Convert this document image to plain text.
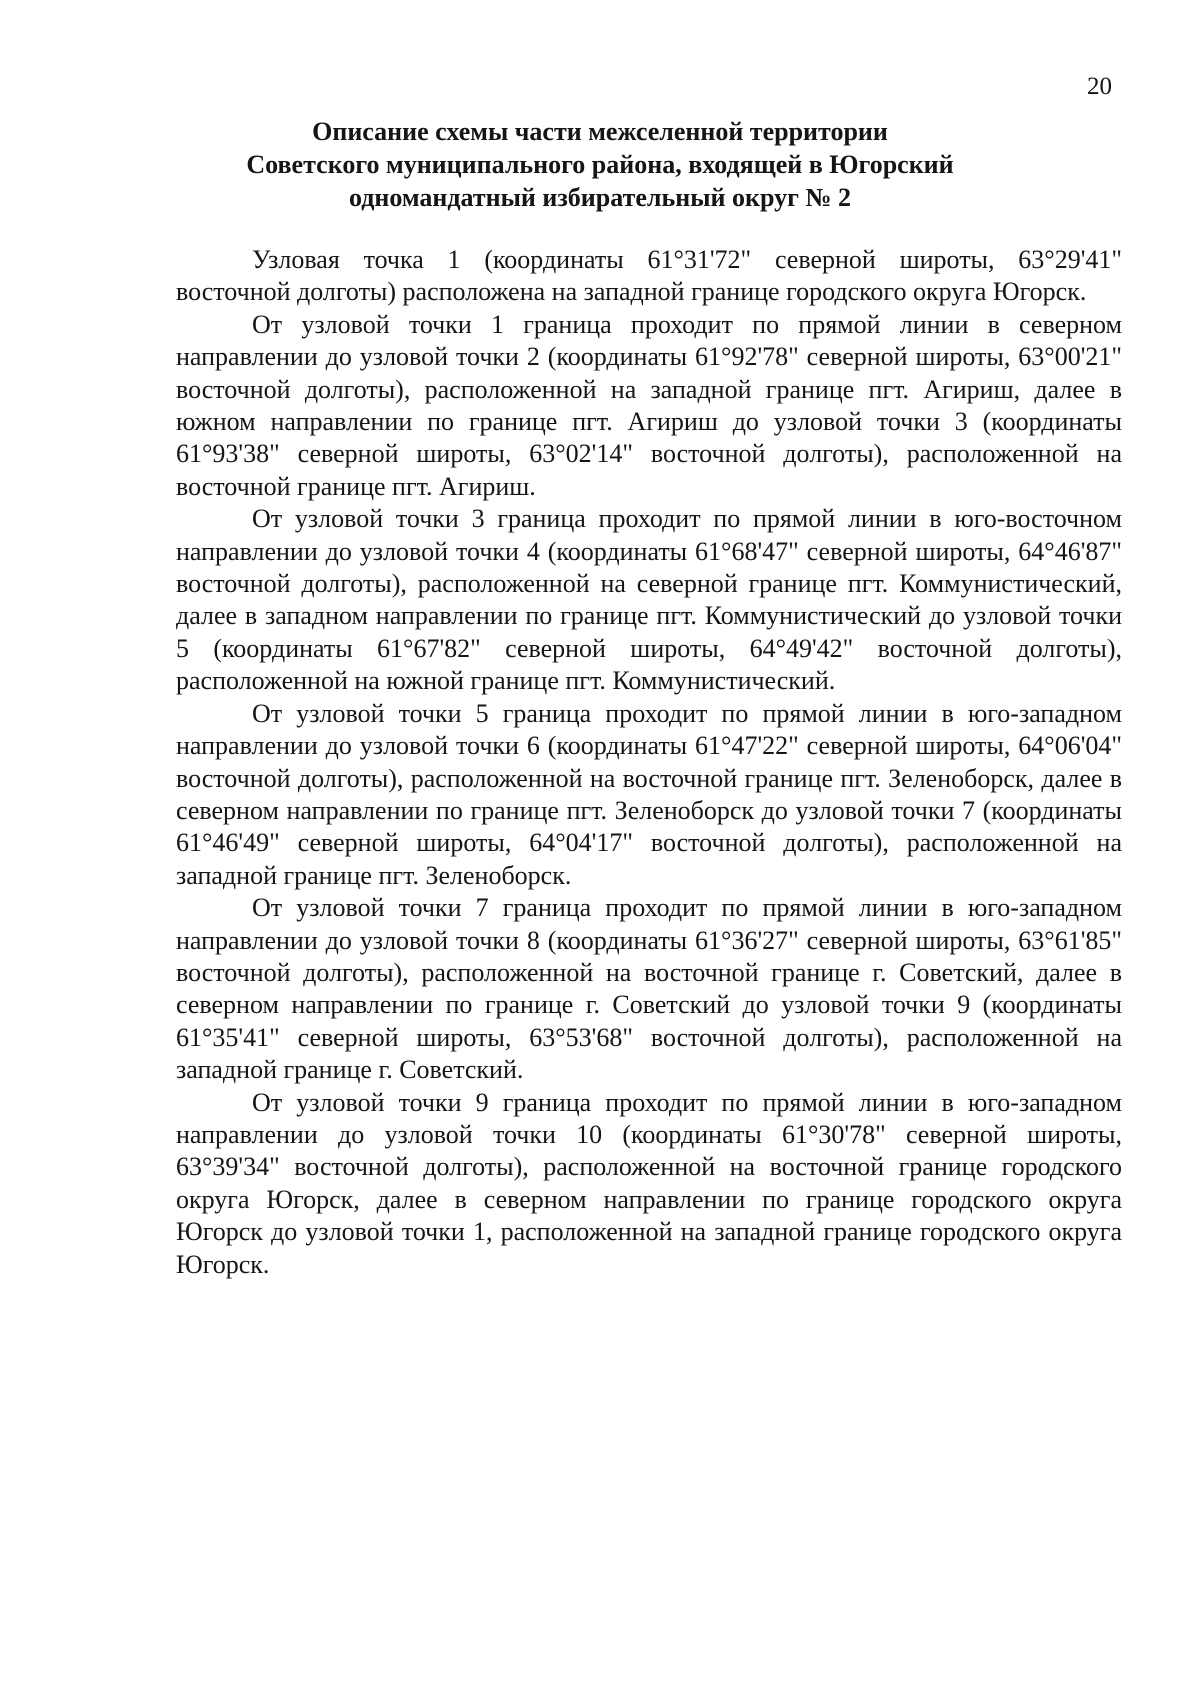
20
Описание схемы части межселенной территории
Советского муниципального района, входящей в Югорский
одномандатный избирательный округ № 2

Узловая точка 1 (координаты 61°31'72" северной широты, 63°29'41" восточной долготы) расположена на западной границе городского округа Югорск.

От узловой точки 1 граница проходит по прямой линии в северном направлении до узловой точки 2 (координаты 61°92'78" северной широты, 63°00'21" восточной долготы), расположенной на западной границе пгт. Агириш, далее в южном направлении по границе пгт. Агириш до узловой точки 3 (координаты 61°93'38" северной широты, 63°02'14" восточной долготы), расположенной на восточной границе пгт. Агириш.

От узловой точки 3 граница проходит по прямой линии в юго-восточном направлении до узловой точки 4 (координаты 61°68'47" северной широты, 64°46'87" восточной долготы), расположенной на северной границе пгт. Коммунистический, далее в западном направлении по границе пгт. Коммунистический до узловой точки 5 (координаты 61°67'82" северной широты, 64°49'42" восточной долготы), расположенной на южной границе пгт. Коммунистический.

От узловой точки 5 граница проходит по прямой линии в юго-западном направлении до узловой точки 6 (координаты 61°47'22" северной широты, 64°06'04" восточной долготы), расположенной на восточной границе пгт. Зеленоборск, далее в северном направлении по границе пгт. Зеленоборск до узловой точки 7 (координаты 61°46'49" северной широты, 64°04'17" восточной долготы), расположенной на западной границе пгт. Зеленоборск.

От узловой точки 7 граница проходит по прямой линии в юго-западном направлении до узловой точки 8 (координаты 61°36'27" северной широты, 63°61'85" восточной долготы), расположенной на восточной границе г. Советский, далее в северном направлении по границе г. Советский до узловой точки 9 (координаты 61°35'41" северной широты, 63°53'68" восточной долготы), расположенной на западной границе г. Советский.

От узловой точки 9 граница проходит по прямой линии в юго-западном направлении до узловой точки 10 (координаты 61°30'78" северной широты, 63°39'34" восточной долготы), расположенной на восточной границе городского округа Югорск, далее в северном направлении по границе городского округа Югорск до узловой точки 1, расположенной на западной границе городского округа Югорск.
